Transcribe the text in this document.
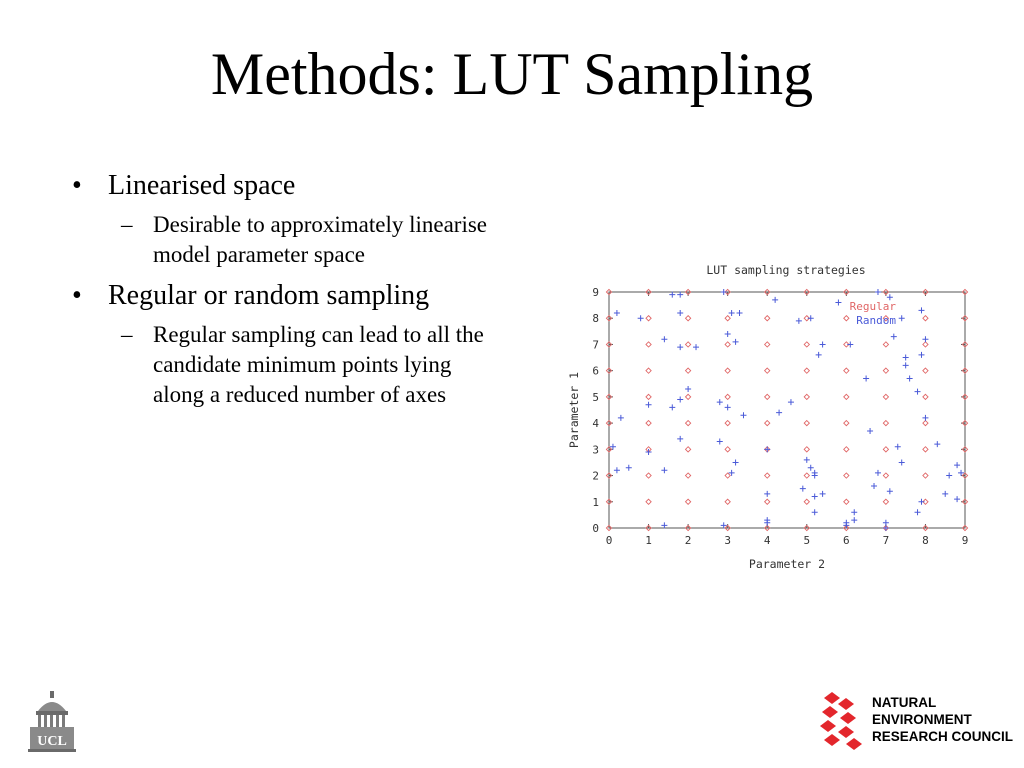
Methods: LUT Sampling
• Linearised space
– Desirable to approximately linearise model parameter space
• Regular or random sampling
– Regular sampling can lead to all the candidate minimum points lying along a reduced number of axes
LUT sampling strategies
0	1	2	3	4	5	6	7	8	9
0
1
2
3
4
5
6
7
8
9
Regular
Random
Parameter 2
Parameter 1
UCL
NATURAL
ENVIRONMENT
RESEARCH COUNCIL
